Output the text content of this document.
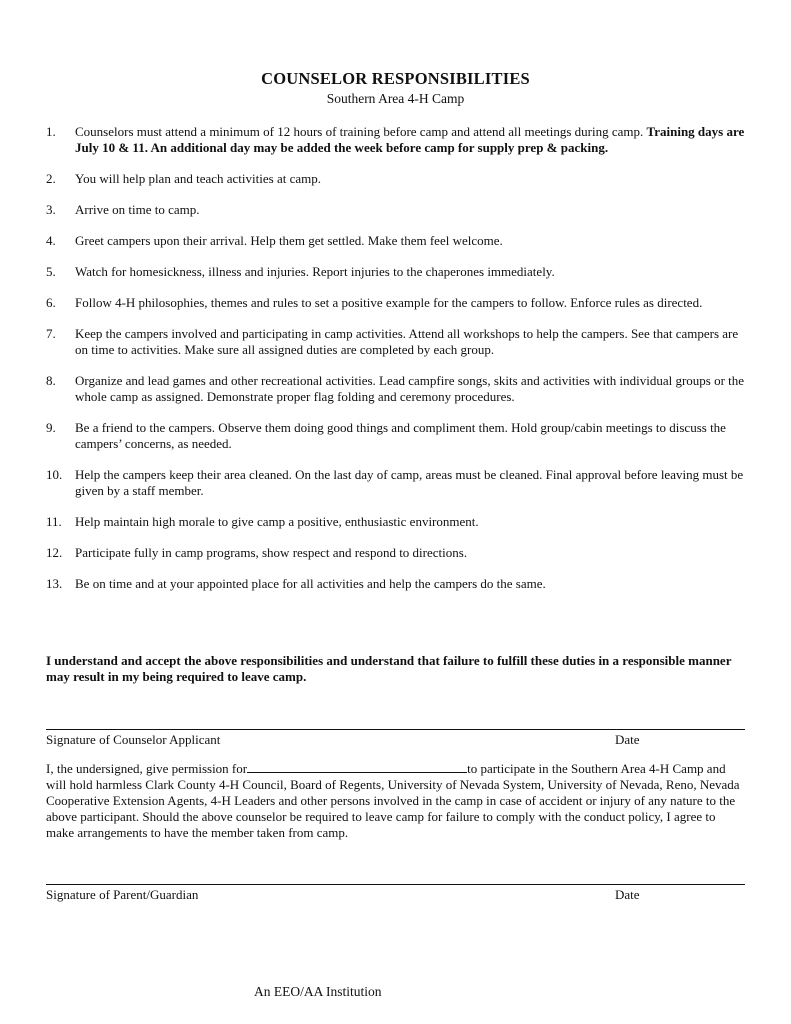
COUNSELOR RESPONSIBILITIES
Southern Area 4-H Camp
1. Counselors must attend a minimum of 12 hours of training before camp and attend all meetings during camp. Training days are July 10 & 11. An additional day may be added the week before camp for supply prep & packing.
2. You will help plan and teach activities at camp.
3. Arrive on time to camp.
4. Greet campers upon their arrival. Help them get settled. Make them feel welcome.
5. Watch for homesickness, illness and injuries. Report injuries to the chaperones immediately.
6. Follow 4-H philosophies, themes and rules to set a positive example for the campers to follow. Enforce rules as directed.
7. Keep the campers involved and participating in camp activities. Attend all workshops to help the campers. See that campers are on time to activities. Make sure all assigned duties are completed by each group.
8. Organize and lead games and other recreational activities. Lead campfire songs, skits and activities with individual groups or the whole camp as assigned. Demonstrate proper flag folding and ceremony procedures.
9. Be a friend to the campers. Observe them doing good things and compliment them. Hold group/cabin meetings to discuss the campers’ concerns, as needed.
10. Help the campers keep their area cleaned. On the last day of camp, areas must be cleaned. Final approval before leaving must be given by a staff member.
11. Help maintain high morale to give camp a positive, enthusiastic environment.
12. Participate fully in camp programs, show respect and respond to directions.
13. Be on time and at your appointed place for all activities and help the campers do the same.
I understand and accept the above responsibilities and understand that failure to fulfill these duties in a responsible manner may result in my being required to leave camp.
Signature of Counselor Applicant	Date
I, the undersigned, give permission for	to participate in the Southern Area 4-H Camp and will hold harmless Clark County 4-H Council, Board of Regents, University of Nevada System, University of Nevada, Reno, Nevada Cooperative Extension Agents, 4-H Leaders and other persons involved in the camp in case of accident or injury of any nature to the above participant. Should the above counselor be required to leave camp for failure to comply with the conduct policy, I agree to make arrangements to have the member taken from camp.
Signature of Parent/Guardian	Date
An EEO/AA Institution
